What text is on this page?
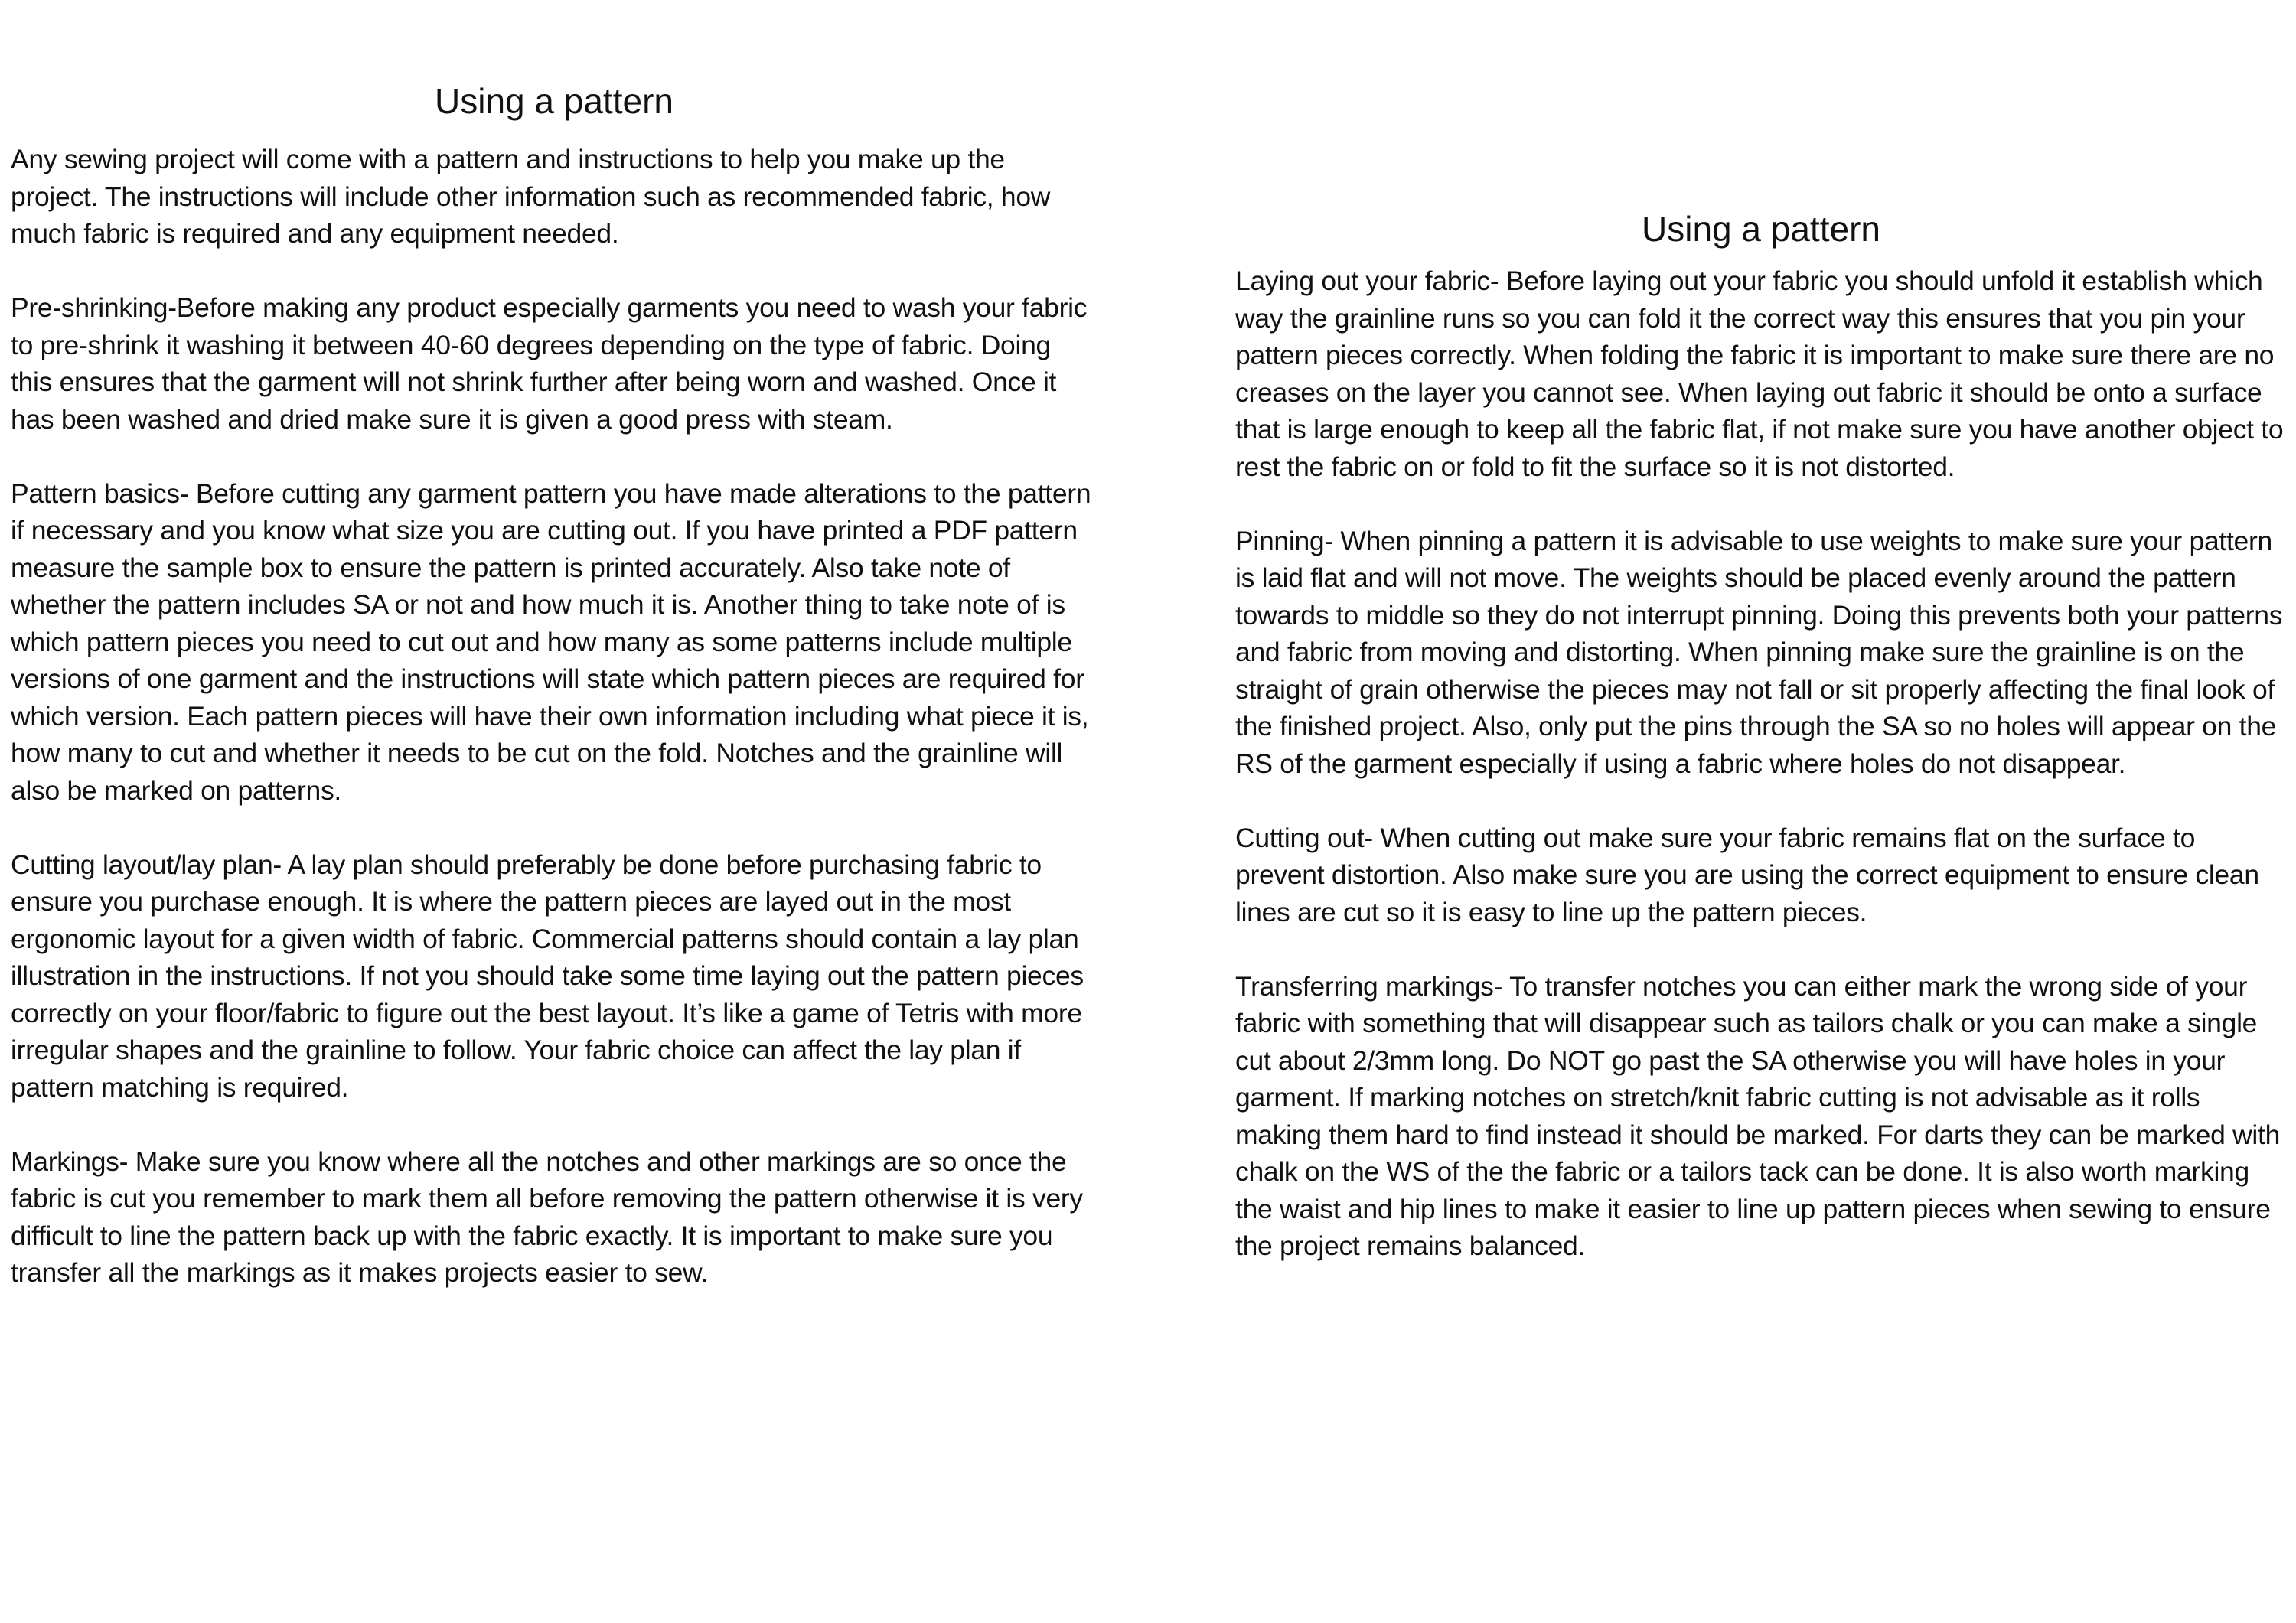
Using a pattern

Any sewing project will come with a pattern and instructions to help you make up the project. The instructions will include other information such as recommended fabric, how much fabric is required and any equipment needed.

Pre-shrinking-Before making any product especially garments you need to wash your fabric to pre-shrink it washing it between 40-60 degrees depending on the type of fabric. Doing this ensures that the garment will not shrink further after being worn and washed. Once it has been washed and dried make sure it is given a good press with steam.

Pattern basics- Before cutting any garment pattern you have made alterations to the pattern if necessary and you know what size you are cutting out. If you have printed a PDF pattern measure the sample box to ensure the pattern is printed accurately. Also take note of whether the pattern includes SA or not and how much it is. Another thing to take note of is which pattern pieces you need to cut out and how many as some patterns include multiple versions of one garment and the instructions will state which pattern pieces are required for which version. Each pattern pieces will have their own information including what piece it is, how many to cut and whether it needs to be cut on the fold. Notches and the grainline will also be marked on patterns.

Cutting layout/lay plan- A lay plan should preferably be done before purchasing fabric to ensure you purchase enough. It is where the pattern pieces are layed out in the most ergonomic layout for a given width of fabric. Commercial patterns should contain a lay plan illustration in the instructions. If not you should take some time laying out the pattern pieces correctly on your floor/fabric to figure out the best layout. It’s like a game of Tetris with more irregular shapes and the grainline to follow. Your fabric choice can affect the lay plan if pattern matching is required.

Markings- Make sure you know where all the notches and other markings are so once the fabric is cut you remember to mark them all before removing the pattern otherwise it is very difficult to line the pattern back up with the fabric exactly. It is important to make sure you transfer all the markings as it makes projects easier to sew.

Using a pattern

Laying out your fabric- Before laying out your fabric you should unfold it establish which way the grainline runs so you can fold it the correct way this ensures that you pin your pattern pieces correctly. When folding the fabric it is important to make sure there are no creases on the layer you cannot see. When laying out fabric it should be onto a surface that is large enough to keep all the fabric flat, if not make sure you have another object to rest the fabric on or fold to fit the surface so it is not distorted.

Pinning- When pinning a pattern it is advisable to use weights to make sure your pattern is laid flat and will not move. The weights should be placed evenly around the pattern towards to middle so they do not interrupt pinning. Doing this prevents both your patterns and fabric from moving and distorting. When pinning make sure the grainline is on the straight of grain otherwise the pieces may not fall or sit properly affecting the final look of the finished project. Also, only put the pins through the SA so no holes will appear on the RS of the garment especially if using a fabric where holes do not disappear.

Cutting out- When cutting out make sure your fabric remains flat on the surface to prevent distortion. Also make sure you are using the correct equipment to ensure clean lines are cut so it is easy to line up the pattern pieces.

Transferring markings- To transfer notches you can either mark the wrong side of your fabric with something that will disappear such as tailors chalk or you can make a single cut about 2/3mm long. Do NOT go past the SA otherwise you will have holes in your garment. If marking notches on stretch/knit fabric cutting is not advisable as it rolls making them hard to find instead it should be marked. For darts they can be marked with chalk on the WS of the the fabric or a tailors tack can be done. It is also worth marking the waist and hip lines to make it easier to line up pattern pieces when sewing to ensure the project remains balanced.
